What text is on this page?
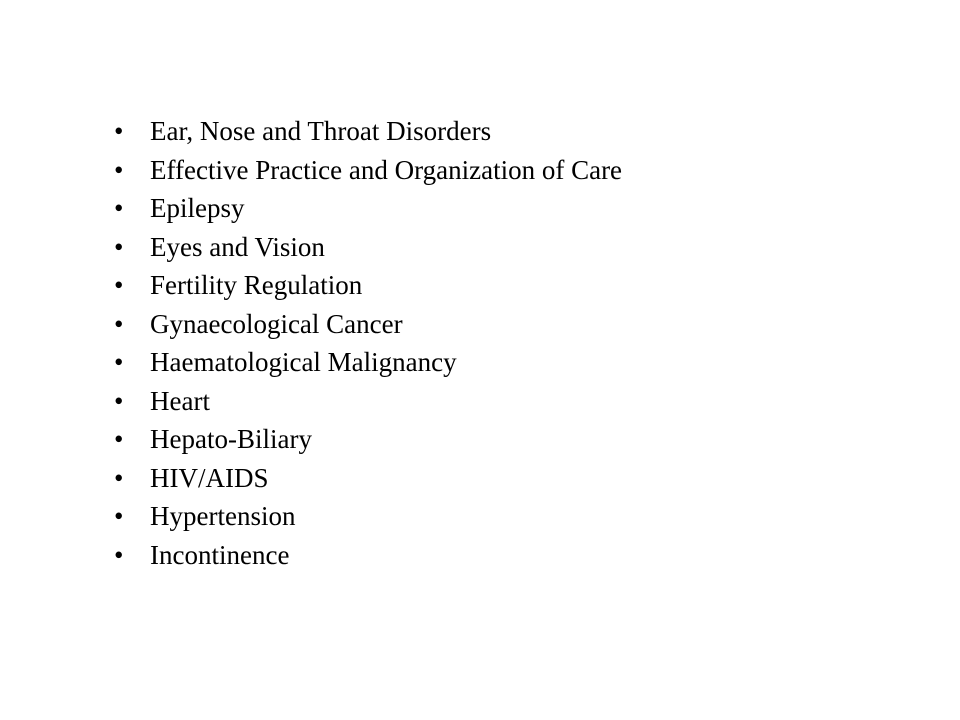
• Ear, Nose and Throat Disorders
• Effective Practice and Organization of Care
• Epilepsy
• Eyes and Vision
• Fertility Regulation
• Gynaecological Cancer
• Haematological Malignancy
• Heart
• Hepato-Biliary
• HIV/AIDS
• Hypertension
• Incontinence
